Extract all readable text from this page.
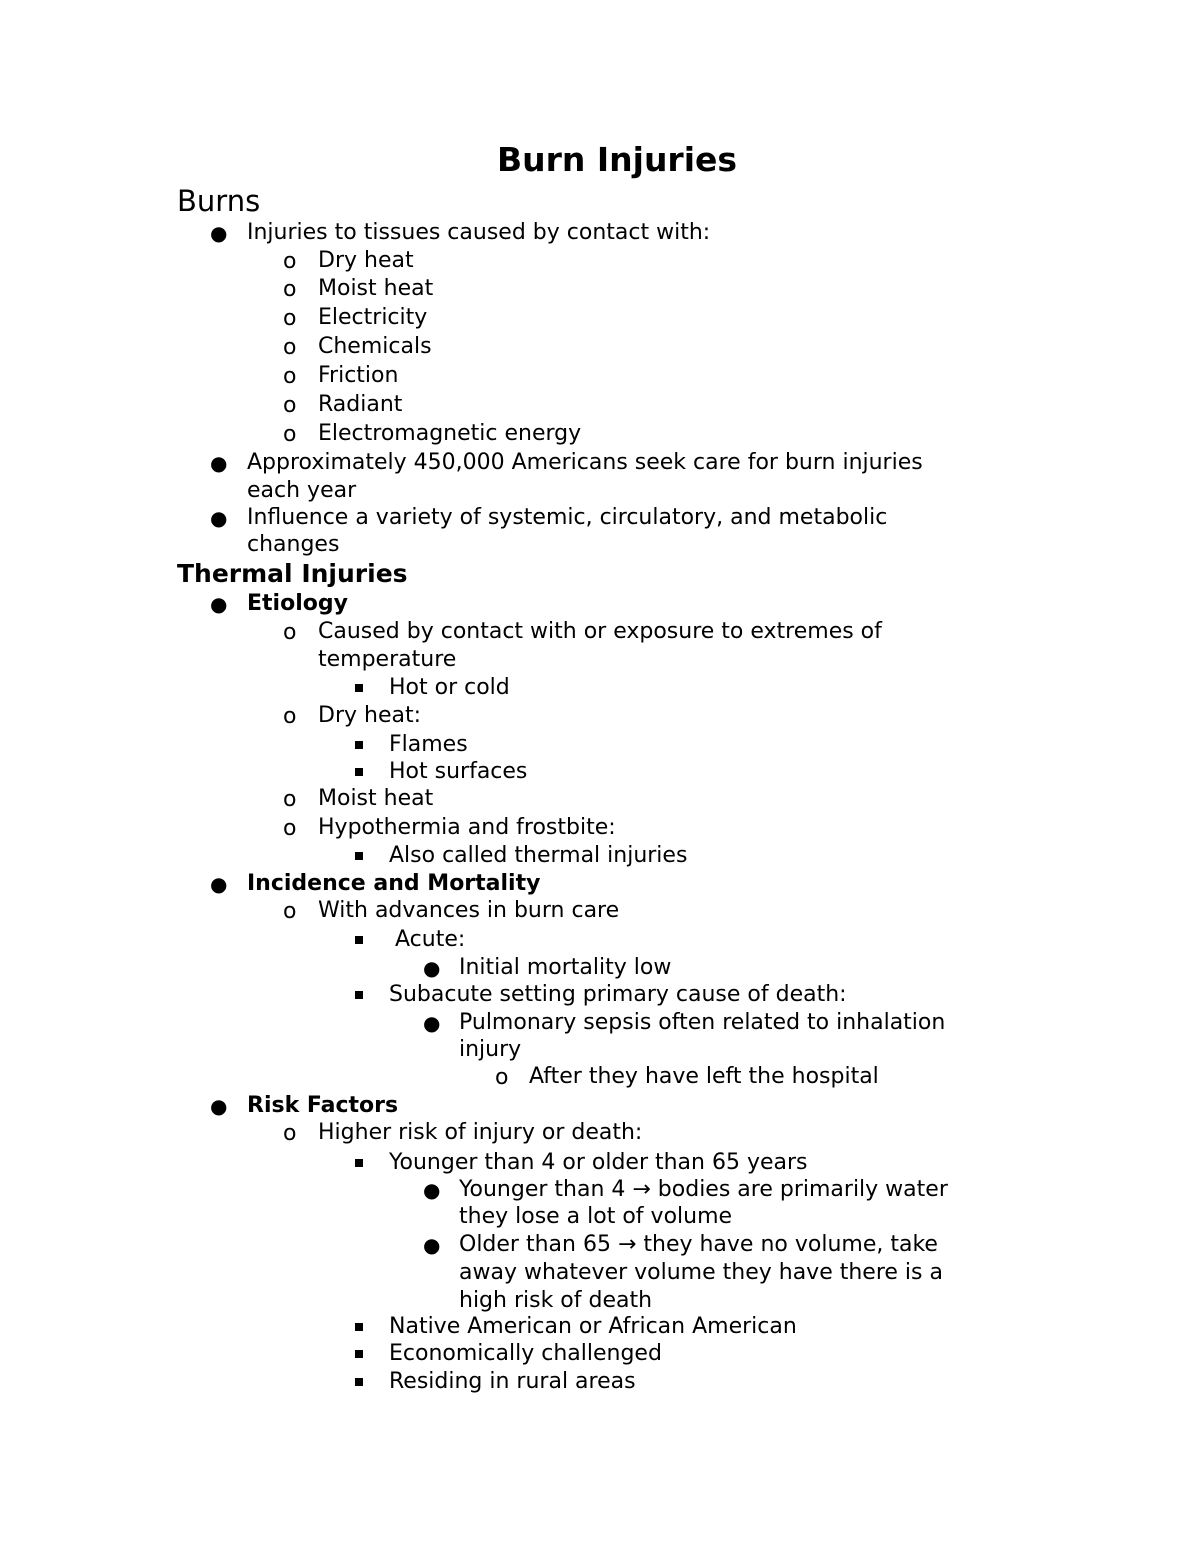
Burn Injuries
Burns
● Injuries to tissues caused by contact with:
o Dry heat
o Moist heat
o Electricity
o Chemicals
o Friction
o Radiant
o Electromagnetic energy
● Approximately 450,000 Americans seek care for burn injuries
each year
● Influence a variety of systemic, circulatory, and metabolic
changes
Thermal Injuries
● Etiology
o Caused by contact with or exposure to extremes of
temperature
Hot or cold
o Dry heat:
Flames
Hot surfaces
o Moist heat
o Hypothermia and frostbite:
Also called thermal injuries
● Incidence and Mortality
o With advances in burn care
Acute:
● Initial mortality low
Subacute setting primary cause of death:
● Pulmonary sepsis often related to inhalation
injury
o After they have left the hospital
● Risk Factors
o Higher risk of injury or death:
Younger than 4 or older than 65 years
● Younger than 4 → bodies are primarily water
they lose a lot of volume
● Older than 65 → they have no volume, take
away whatever volume they have there is a
high risk of death
Native American or African American
Economically challenged
Residing in rural areas
